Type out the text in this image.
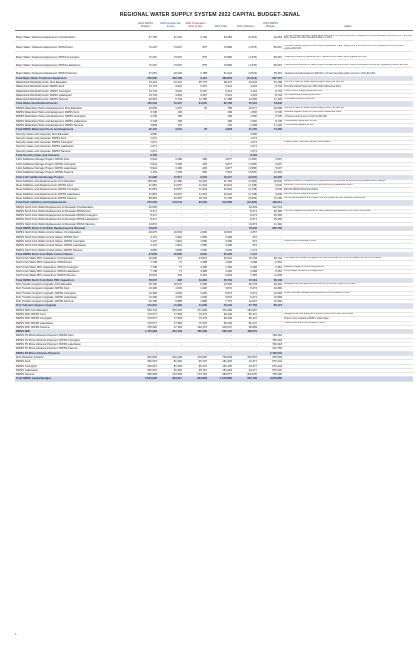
REGIONAL WATER SUPPLY SYSTEM 2022 CAPITAL BUDGET-JENAL
	2021 RWSS Budget	2021 Actuals Jan to Aug	2021 Projections Sept to Dec	2021 Total	2021 Variance	2022 RWSS Budget	Notes

Major Water Treatment Equipment: First Elevation	87,795	91,332	3,700	94,983	(6,015)	94,653	This line will add for large capital items that share, for, within the time of budgeting. 2,000 is estimate for 10/10/18 is ~ $35,000 Early forward for 2019 needed facilities in 2021.

Major Water Treatment Equipment: RWSS Kent	72,207	73,007	875	73,882	(1,675)	55,697	Potential Capital Project for 2021-2022 Wastewater Plant • Equipment & Intrument $75,000 • Equipment Fill Chemical engines $10,000

Major Water Treatment Equipment: RWSS Covington	72,207	73,007	875	73,882	(1,675)	55,697	• Manifold 1 warranty repair $4,000 • Handle control valve fitting upgrade $50,000

Major Water Treatment Equipment: RWSS Lakehaven	72,207	73,007	875	73,882	(1,675)	55,697	• Remove and process for water system storage tanks $70,000 • Inline chlorination monitoring, upgraded chlorine $65,000

Major Water Treatment Equipment: RWSS Tacoma	47,651	48,436	2,788	51,224	(3,573)	35,363	• Replace Fluoride Equipment $25,000 • Annual chemical rotation pumps in 2021 $14,000
Total Major Water Treatment Equipment	352,066	359,789	9,113	368,853	(14,613)	297,107	
Watershed Refurbishments: First Elevation	34,422	34,422	35,775	38,227	30,023	30,188	The line is used for large capital projects which, as well, as
Watershed Refurbishments: RWSS Kent	13,743	3,844	5,497	9,341	4,401	8,743	Potential Capital Project for 2021-2022 Watershed Plant
Watershed Refurbishments: RWSS Covington	13,743	3,844	5,497	9,341	4,401	8,743	• Main Flow & Gauge repairs $18,000
Watershed Refurbishments: RWSS Lakehaven	13,743	3,844	5,497	9,341	4,401	8,743	• Rd Watershed Monitoring $13,000
Watershed Refurbishments: RWSS Tacoma	29,553	5,703	11,785	17,488	12,065	17,429	• Fire/water Inventory $10,000
Total Watershed Refurbishments	105,204	51,657	64,050	83,738	55,291	73,846	
RWSS Watershed Tools and Equipment: First Elevation	10,000	1,970	78	785	10,077	20,398	The line is used for large capital projects which, as well, as
RWSS Watershed Tools and Equipment: RWSS Kent	3,748	195	-	189	1,560	8,745	Potential Capital Project for 2021-2022 Watershed Plant
RWSS Watershed Tools and Equipment: RWSS Covington	3,748	195	-	189	1,560	8,745	• Pressure and sensor monitoring $20,000
RWSS Watershed Tools and Equipment: RWSS Lakehaven	3,748	195	-	189	1,560	8,745	• Surveillance equipment $5,000
RWSS Watershed Tools and Equipment: RWSS Tacoma	3,893	476	-	476	3,468	17,429	• Pumphouse gauges $5,000
Total RWSS Watershed Tools and Equipment	25,137	3,031	78	3,828	21,725	74,460	
Security Gates and Cameras: First Elevation	4,500	-	-	-	4,500	-	
Security Gates and Cameras: RWSS Kent	1,071	-	-	-	1,071	-	
Security Gates and Cameras: RWSS Covington	1,071	-	-	-	1,071	-	Projects have / will been transfer to as states.
Security Gates and Cameras: RWSS Lakehaven	1,071	-	-	-	1,071	-	
Security Gates and Cameras: RWSS Tacoma	1,071	-	-	-	1,071	-	
Total Security Gates and Cameras	8,784	-	-	-	8,784	-	
1410 Additional Storage Project: RWSS Kent	5,944	3,186	496	3,877	(1,556)	5,007	
1410 Additional Storage Project: RWSS Covington	5,944	3,186	496	3,877	(1,556)	5,007	
1410 Additional Storage Project: RWSS Lakehaven	5,944	3,186	496	3,877	(1,556)	5,007	
1410 Additional Storage Project: RWSS Tacoma	4,154	7,249	590	7,919	(3,570)	12,304	
Total 1410 Additional Storage Project	21,986	17,617	2,078	19,617	(9,015)	30,303	
Fleet Additions and Replacements: First Elevation	128,000	21,356	10,404	31,760	(3,590)	20,000	Budget consists of 3 replacement Watershed Patrol vehicles as well as Fleet Replacement Charges
Fleet Additions and Replacements: RWSS Kent	31,881	24,057	11,543	34,624	(2,738)	6,046	2022-2017 Ford F250 4 door 4x4 $30,000 RWSS Watershed Patrol
Fleet Additions and Replacements: RWSS Covington	31,881	24,057	11,543	34,624	(2,738)	6,046	$30,000 RWSS Watershed Patrol
Fleet Additions and Replacements: RWSS Lakehaven	31,881	24,057	11,543	34,624	(2,738)	6,046	$30,000 RWSS Watershed Patrol
Fleet Additions and Replacements: RWSS Tacoma	58,953	49,387	19,743	74,730	(5,903)	72,790	Partner-owned assets are funded from this project as their Stocked Investments
Total Fleet Additions and Replacements	270,592	143,544	65,039	213,583	(12,905)	108,314	
RWSS North Fork Wells Replacement & Renewal: First Elevation	32,653	-	-	-	32,653	133,701	
RWSS North Fork Wells Replacement & Renewal: RWSS Kent	8,471	-	-	-	8,471	35,365	This and Capital Fund benefits for large capital improvements of the North Fork Wells
RWSS North Fork Wells Replacement & Renewal: RWSS Covington	8,471	-	-	-	8,471	35,365	
RWSS North Fork Wells Replacement & Renewal: RWSS Lakehaven	8,471	-	-	-	8,471	35,365	
RWSS North Fork Wells Replacement & Renewal: RWSS Tacoma	10,874	-	-	-	10,874	41,394	
Total RWSS North Fork Wells Replacement & Renewal	78,940	-	-	-	78,940	282,769	
RWSS North Fork Wells Control Valves: First Elevation	29,975	16,509	2,836	19,515	3,057	-	
RWSS North Fork Wells Control Valves: RWSS Kent	4,107	1,816	1,580	3,396	972	-	
RWSS North Fork Wells Control Valves: RWSS Covington	4,107	1,816	1,580	3,396	972	-	Project to be completed in 2021
RWSS North Fork Wells Control Valves: RWSS Lakehaven	4,107	1,816	1,580	3,396	972	-	
RWSS North Fork Wells Control Valves: RWSS Tacoma	4,859	3,865	1,505	5,600	1,174	-	
Total RWSS North Fork Wells Control Valves	47,055	25,582	9,081	35,303	7,147	-	
North Fork Wells PRC Capacitors: First Elevation	43,000	471	24,870	25,341	19,749	36,744	The project will replace the aging PRC with new Lake PRC's at the Watershed North Fork Wells
North Fork Wells PRC Capacitors: RWSS Kent	7,738	77	4,398	4,460	3,268	6,451	
North Fork Wells PRC Capacitors: RWSS Covington	7,738	77	4,398	4,460	3,268	6,451	Updated budget for 2021-2022 $49,000
North Fork Wells PRC Capacitors: RWSS Lakehaven	7,738	77	4,398	4,460	3,268	6,451	2022 Budget carryover to budget 2021
North Fork Wells PRC Capacitors: RWSS Tacoma	10,603	126	5,318	5,843	7,383	11,039	
Total RWSS North Fork Wells PRC Capacitors	78,507	828	43,382	45,564	37,119	68,136	
Fish Transfer Hoppers Upgrade: First Elevation	63,700	18,637	5,396	23,936	69,778	39,324	Budgeted plan sun approved 12/31/2020 by RWSS Project Committee
Fish Transfer Hoppers Upgrade: RWSS Kent	13,396	4,536	1,036	5,874	8,474	10,083	
Fish Transfer Hoppers Upgrade: RWSS Covington	13,396	4,536	1,036	5,874	8,474	10,083	Project has been delayed and expected to be completed in 2022
Fish Transfer Hoppers Upgrade: RWSS Lakehaven	13,396	4,536	1,036	5,874	8,474	10,083	
Fish Transfer Hoppers Upgrade: RWSS Tacoma	20,728	5,885	1,885	7,770	12,937	16,360	
Fish Transfer Hoppers Upgrade	124,616	41,990	11,099	53,343	67,759	85,473	
RWSS WW: First Elevation	636,701	533,370	371,659	476,469	184,087	-	
RWSS WW: RWSS Kent	176,577	77,969	79,475	99,439	80,147	-	Budgeted plan sun approved 6/9/2020 by RWSS Project Committee
RWSS WW: RWSS Covington	176,577	77,969	79,475	99,439	80,147	-	Project costs updated to $665 x total budget
RWSS WW: RWSS Lakehaven	176,577	77,969	79,475	99,439	80,147	-	Project expected to be complete in 2021
RWSS WW: RWSS Tacoma	379,320	47,162	130,476	206,637	68,683	-	
RWSS WW	1,150,998	811,459	369,468	693,423	489,579	-	
RWSS P3 Move Advance Payment: RWSS Kent	-	-	-	-	-	790,418	
RWSS P3 Move Advance Payment: RWSS Covington	-	-	-	-	-	790,418	
RWSS P3 Move Advance Payment: RWSS Lakehaven	-	-	-	-	-	790,418	
RWSS P3 Move Advance Payment: RWSS Tacoma	-	-	-	-	-	410,750	
RWSS P3 Move Advance Payment	-	-	-	-	-	2,782,004	
First Diversion Projects	991,893	919,469	470,830	793,025	337,697	303,593	
RWSS Kent	330,997	81,363	99,715	181,326	34,377	975,444	
RWSS Covington	330,997	81,363	99,715	181,326	34,377	975,444	
RWSS Lakehaven	330,997	81,363	99,715	181,326	34,377	975,444	
RWSS Tacoma	569,068	170,559	173,754	383,077	(52,037)	756,300	
Total RWSS Capital Budget	2,554,600	934,117	943,858	1,572,880	581,706	3,276,885	
1
